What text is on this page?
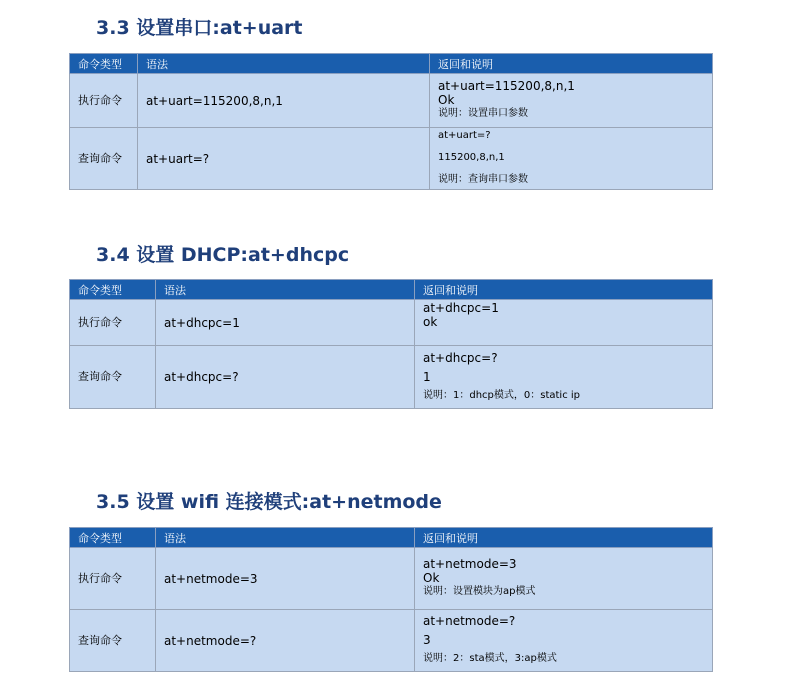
3.3 设置串口:at+uart
命令类型	语法	返回和说明
执行命令	at+uart=115200,8,n,1	at+uart=115200,8,n,1
Ok
说明：设置串口参数

查询命令	at+uart=?	at+uart=?
115200,8,n,1
说明：查询串口参数
3.4 设置 DHCP:at+dhcpc
命令类型	语法	返回和说明
执行命令	at+dhcpc=1	at+dhcpc=1
ok

查询命令	at+dhcpc=?	at+dhcpc=?
1
说明：1：dhcp模式，0：static ip
3.5 设置 wifi 连接模式:at+netmode
命令类型	语法	返回和说明
执行命令	at+netmode=3	at+netmode=3
Ok
说明：设置模块为ap模式

查询命令	at+netmode=?	at+netmode=?
3
说明：2：sta模式，3:ap模式
